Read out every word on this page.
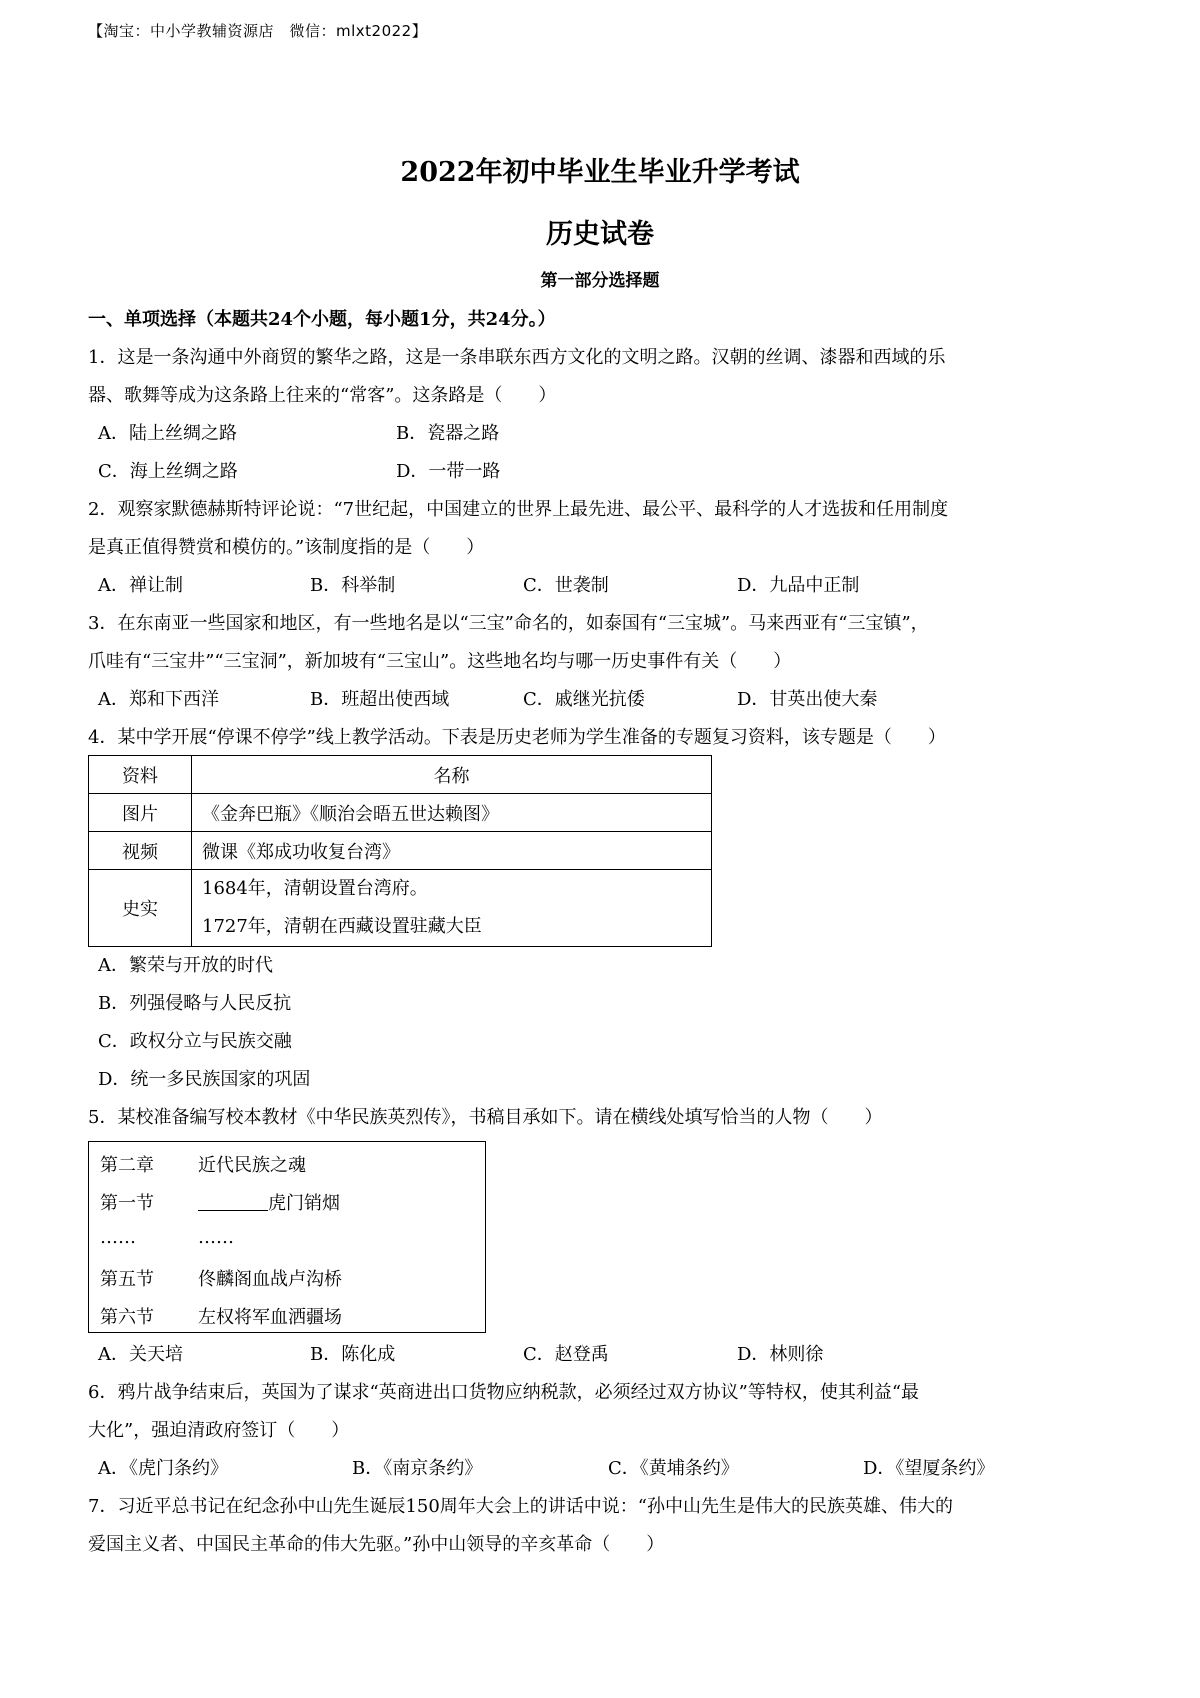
【淘宝：中小学教辅资源店　微信：mlxt2022】
2022年初中毕业生毕业升学考试
历史试卷
第一部分选择题
一、单项选择（本题共24个小题，每小题1分，共24分。）
1．这是一条沟通中外商贸的繁华之路，这是一条串联东西方文化的文明之路。汉朝的丝调、漆器和西域的乐
器、歌舞等成为这条路上往来的“常客”。这条路是（　　）
A．陆上丝绸之路	B．瓷器之路
C．海上丝绸之路	D．一带一路
2．观察家默德赫斯特评论说：“7世纪起，中国建立的世界上最先进、最公平、最科学的人才选拔和任用制度
是真正值得赞赏和模仿的。”该制度指的是（　　）
A．禅让制	B．科举制	C．世袭制	D．九品中正制
3．在东南亚一些国家和地区，有一些地名是以“三宝”命名的，如泰国有“三宝城”。马来西亚有“三宝镇”，
爪哇有“三宝井”“三宝洞”，新加坡有“三宝山”。这些地名均与哪一历史事件有关（　　）
A．郑和下西洋	B．班超出使西域	C．戚继光抗倭	D．甘英出使大秦
4．某中学开展“停课不停学”线上教学活动。下表是历史老师为学生准备的专题复习资料，该专题是（　　）
资料	名称
图片	《金奔巴瓶》《顺治会晤五世达赖图》
视频	微课《郑成功收复台湾》
史实	1684年，清朝设置台湾府。
1727年，清朝在西藏设置驻藏大臣
A．繁荣与开放的时代
B．列强侵略与人民反抗
C．政权分立与民族交融
D．统一多民族国家的巩固
5．某校准备编写校本教材《中华民族英烈传》，书稿目承如下。请在横线处填写恰当的人物（　　）
第二章 近代民族之魂
第一节	虎门销烟
……	……
第五节 佟麟阁血战卢沟桥
第六节 左权将军血洒疆场
A．关天培	B．陈化成	C．赵登禹	D．林则徐
6．鸦片战争结束后，英国为了谋求“英商进出口货物应纳税款，必须经过双方协议”等特权，使其利益“最
大化”，强迫清政府签订（　　）
A．《虎门条约》	B．《南京条约》	C．《黄埔条约》	D．《望厦条约》
7．习近平总书记在纪念孙中山先生诞辰150周年大会上的讲话中说：“孙中山先生是伟大的民族英雄、伟大的
爱国主义者、中国民主革命的伟大先驱。”孙中山领导的辛亥革命（　　）
